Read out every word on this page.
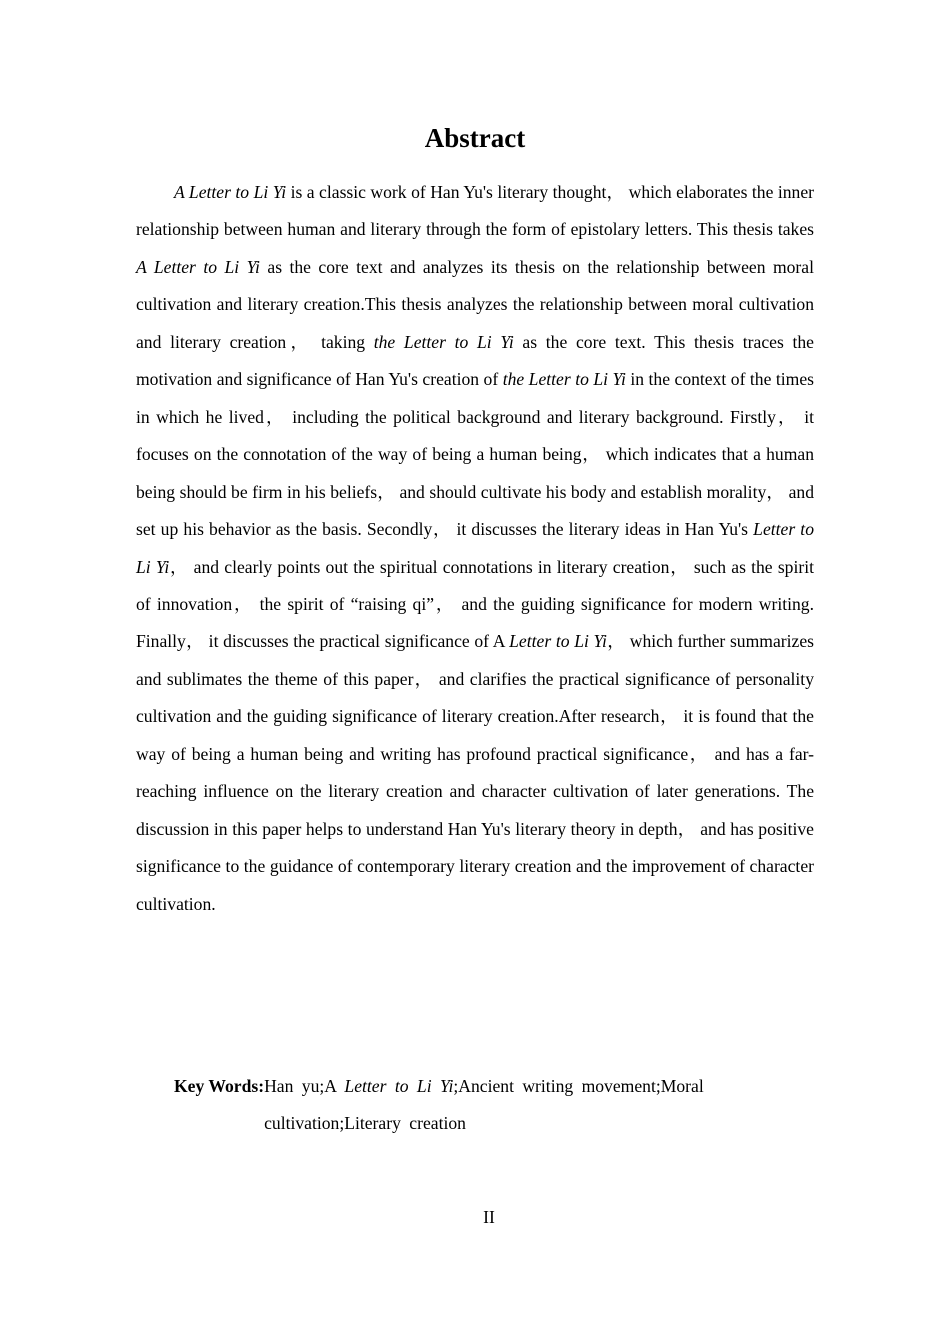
Abstract

A Letter to Li Yi is a classic work of Han Yu's literary thought， which elaborates the inner relationship between human and literary through the form of epistolary letters. This thesis takes A Letter to Li Yi as the core text and analyzes its thesis on the relationship between moral cultivation and literary creation.This thesis analyzes the relationship between moral cultivation and literary creation， taking the Letter to Li Yi as the core text. This thesis traces the motivation and significance of Han Yu's creation of the Letter to Li Yi in the context of the times in which he lived， including the political background and literary background. Firstly， it focuses on the connotation of the way of being a human being， which indicates that a human being should be firm in his beliefs， and should cultivate his body and establish morality， and set up his behavior as the basis. Secondly， it discusses the literary ideas in Han Yu's Letter to Li Yi， and clearly points out the spiritual connotations in literary creation， such as the spirit of innovation， the spirit of “raising qi”， and the guiding significance for modern writing. Finally， it discusses the practical significance of A Letter to Li Yi， which further summarizes and sublimates the theme of this paper， and clarifies the practical significance of personality cultivation and the guiding significance of literary creation.After research， it is found that the way of being a human being and writing has profound practical significance， and has a far-reaching influence on the literary creation and character cultivation of later generations. The discussion in this paper helps to understand Han Yu's literary theory in depth， and has positive significance to the guidance of contemporary literary creation and the improvement of character cultivation.

Key Words: Han yu;A Letter to Li Yi;Ancient writing movement;Moral cultivation;Literary creation
II
